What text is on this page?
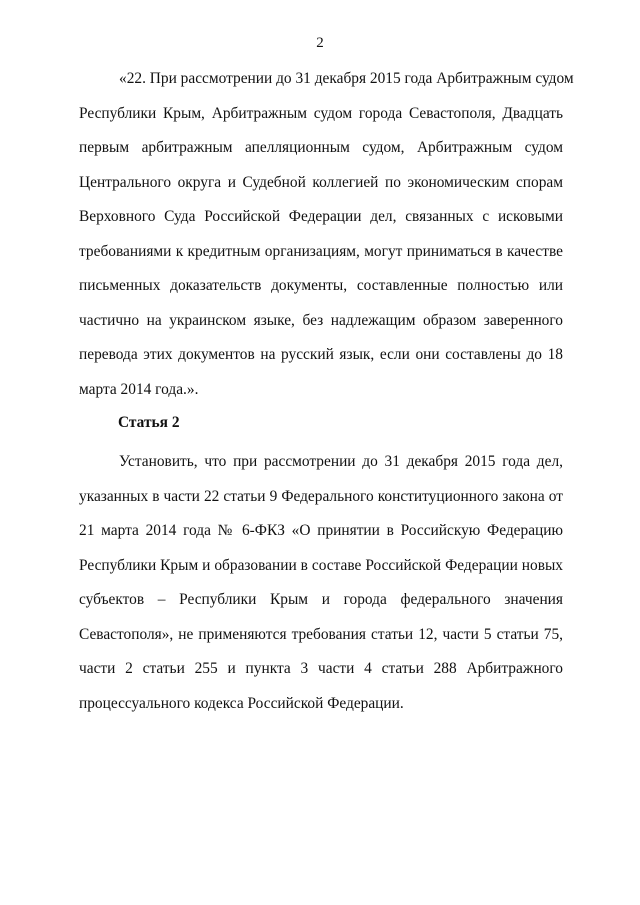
2
«22. При рассмотрении до 31 декабря 2015 года Арбитражным судом
Республики Крым, Арбитражным судом города Севастополя, Двадцать
первым арбитражным апелляционным судом, Арбитражным судом
Центрального округа и Судебной коллегией по экономическим спорам
Верховного Суда Российской Федерации дел, связанных с исковыми
требованиями к кредитным организациям, могут приниматься в качестве
письменных доказательств документы, составленные полностью или
частично на украинском языке, без надлежащим образом заверенного
перевода этих документов на русский язык, если они составлены до 18
марта 2014 года.».
Статья 2
Установить, что при рассмотрении до 31 декабря 2015 года дел,
указанных в части 22 статьи 9 Федерального конституционного закона от
21 марта 2014 года № 6-ФКЗ «О принятии в Российскую Федерацию
Республики Крым и образовании в составе Российской Федерации новых
субъектов – Республики Крым и города федерального значения
Севастополя», не применяются требования статьи 12, части 5 статьи 75,
части 2 статьи 255 и пункта 3 части 4 статьи 288 Арбитражного
процессуального кодекса Российской Федерации.
